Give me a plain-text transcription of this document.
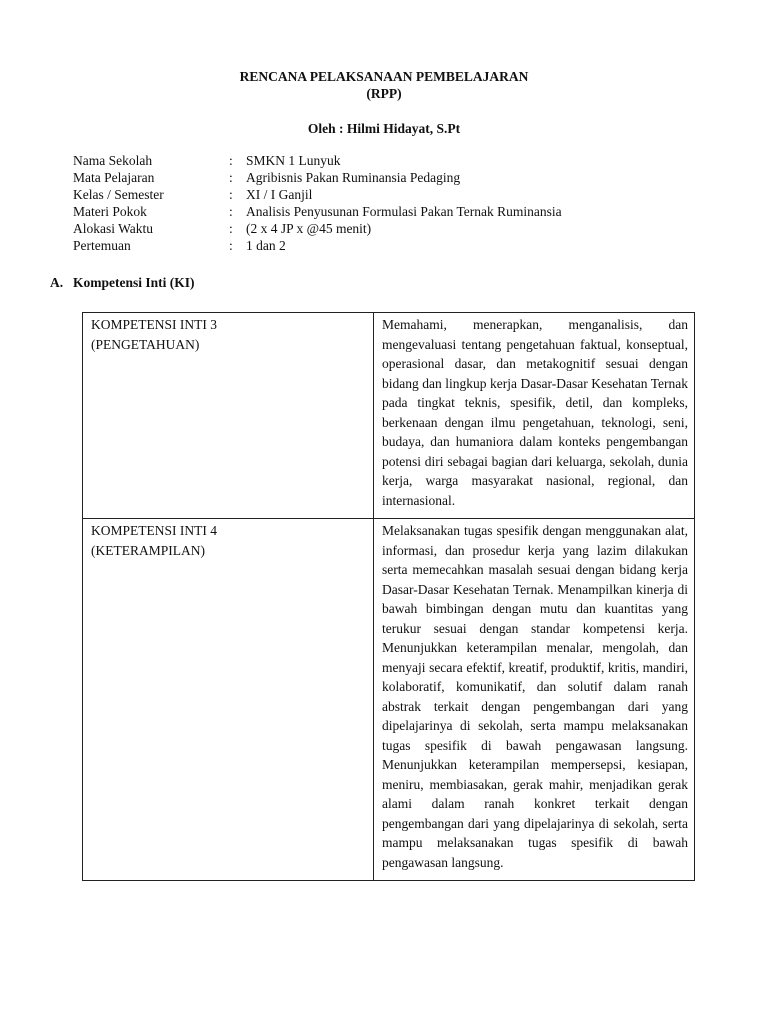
RENCANA PELAKSANAAN PEMBELAJARAN
(RPP)

Oleh : Hilmi Hidayat, S.Pt

Nama Sekolah	:	SMKN 1 Lunyuk
Mata Pelajaran	:	Agribisnis Pakan Ruminansia Pedaging
Kelas / Semester	:	XI / I Ganjil
Materi Pokok	:	Analisis Penyusunan Formulasi Pakan Ternak Ruminansia
Alokasi Waktu	:	(2 x 4 JP x @45 menit)
Pertemuan	:	1 dan 2
A. Kompetensi Inti (KI)
KOMPETENSI INTI 3
(PENGETAHUAN)	Memahami, menerapkan, menganalisis, dan mengevaluasi tentang pengetahuan faktual, konseptual, operasional dasar, dan metakognitif sesuai dengan bidang dan lingkup kerja Dasar-Dasar Kesehatan Ternak pada tingkat teknis, spesifik, detil, dan kompleks, berkenaan dengan ilmu pengetahuan, teknologi, seni, budaya, dan humaniora dalam konteks pengembangan potensi diri sebagai bagian dari keluarga, sekolah, dunia kerja, warga masyarakat nasional, regional, dan internasional.

KOMPETENSI INTI 4
(KETERAMPILAN)	Melaksanakan tugas spesifik dengan menggunakan alat, informasi, dan prosedur kerja yang lazim dilakukan serta memecahkan masalah sesuai dengan bidang kerja Dasar-Dasar Kesehatan Ternak. Menampilkan kinerja di bawah bimbingan dengan mutu dan kuantitas yang terukur sesuai dengan standar kompetensi kerja. Menunjukkan keterampilan menalar, mengolah, dan menyaji secara efektif, kreatif, produktif, kritis, mandiri, kolaboratif, komunikatif, dan solutif dalam ranah abstrak terkait dengan pengembangan dari yang dipelajarinya di sekolah, serta mampu melaksanakan tugas spesifik di bawah pengawasan langsung. Menunjukkan keterampilan mempersepsi, kesiapan, meniru, membiasakan, gerak mahir, menjadikan gerak alami dalam ranah konkret terkait dengan pengembangan dari yang dipelajarinya di sekolah, serta mampu melaksanakan tugas spesifik di bawah pengawasan langsung.
